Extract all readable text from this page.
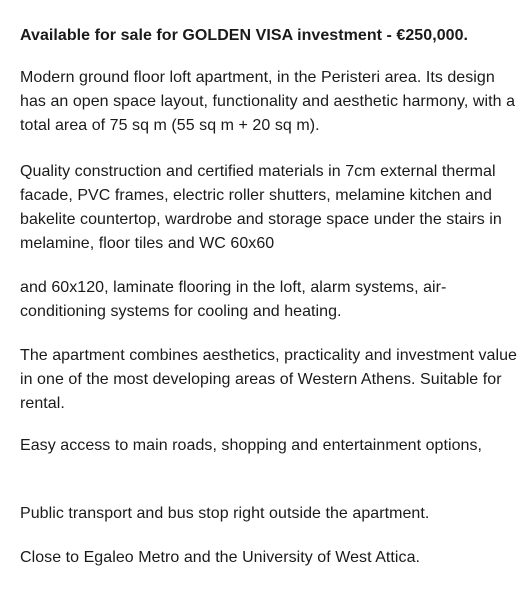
Available for sale for GOLDEN VISA investment - €250,000.

Modern ground floor loft apartment, in the Peristeri area. Its design has an open space layout, functionality and aesthetic harmony, with a total area of 75 sq m (55 sq m + 20 sq m).

Quality construction and certified materials in 7cm external thermal facade, PVC frames, electric roller shutters, melamine kitchen and bakelite countertop, wardrobe and storage space under the stairs in melamine, floor tiles and WC 60x60

and 60x120, laminate flooring in the loft, alarm systems, air-conditioning systems for cooling and heating.

The apartment combines aesthetics, practicality and investment value in one of the most developing areas of Western Athens. Suitable for rental.

Easy access to main roads, shopping and entertainment options,

Public transport and bus stop right outside the apartment.

Close to Egaleo Metro and the University of West Attica.
